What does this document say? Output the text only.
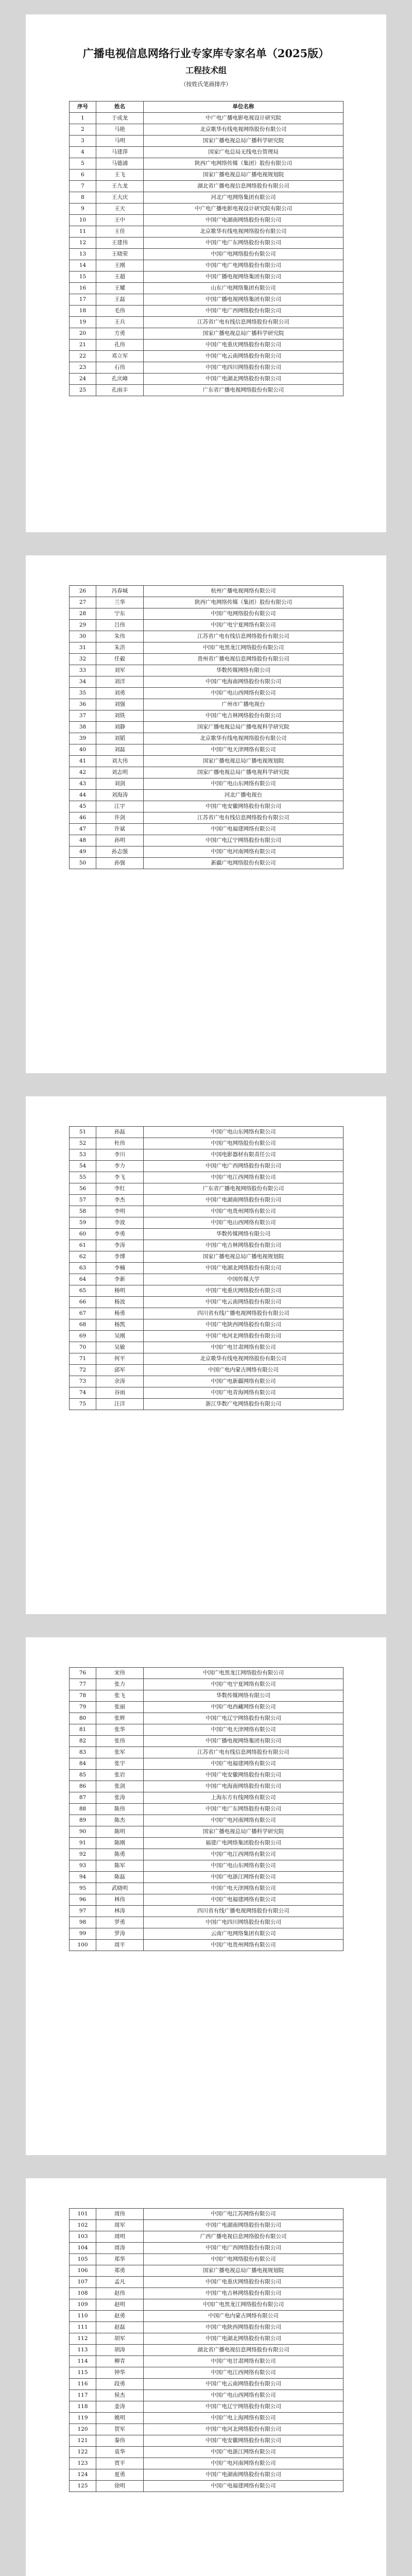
广播电视信息网络行业专家库专家名单（2025版）
工程技术组
（按姓氏笔画排序）
序号	姓名	单位名称
1	于成龙	中广电广播电影电视设计研究院
2	马艳	北京歌华有线电视网络股份有限公司
3	马明	国家广播电视总局广播科学研究院
4	马建萍	国家广电总局无线电台管理局
5	马德浦	陕西广电网络传媒（集团）股份有限公司
6	王飞	国家广播电视总局广播电视规划院
7	王九龙	湖北省广播电视信息网络股份有限公司
8	王大庆	河北广电网络集团有限公司
9	王天	中广电广播电影电视设计研究院有限公司
10	王中	中国广电湖南网络股份有限公司
11	王佳	北京歌华有线电视网络股份有限公司
12	王建伟	中国广电广东网络股份有限公司
13	王晓荣	中国广电网络股份有限公司
14	王刚	中国广电广电网络股份有限公司
15	王超	中国广播电视网络集团有限公司
16	王耀	山东广电网络集团有限公司
17	王磊	中国广播电视网络集团有限公司
18	毛伟	中国广电广西网络股份有限公司
19	王兵	江苏省广电有线信息网络股份有限公司
20	方勇	国家广播电视总局广播科学研究院
21	孔伟	中国广电重庆网络股份有限公司
22	邓立军	中国广电云南网络股份有限公司
23	石伟	中国广电四川网络股份有限公司
24	孔庆峰	中国广电湖北网络股份有限公司
25	孔雨丰	广东省广播电视网络股份有限公司
26	冯春城	杭州广播电视网络有限公司
27	兰华	陕西广电网络传媒（集团）股份有限公司
28	宁东	中国广电网络股份有限公司
29	吕伟	中国广电宁夏网络有限公司
30	朱伟	江苏省广电有线信息网络股份有限公司
31	朱洪	中国广电黑龙江网络股份有限公司
32	任毅	贵州省广播电视信息网络股份有限公司
33	刘军	华数传媒网络有限公司
34	刘洋	中国广电海南网络股份有限公司
35	刘勇	中国广电山西网络有限公司
36	刘强	广州市广播电视台
37	刘铁	中国广电吉林网络股份有限公司
38	刘静	国家广播电视总局广播电视科学研究院
39	刘韬	北京歌华有线电视网络股份有限公司
40	刘磊	中国广电天津网络有限公司
41	刘大伟	国家广播电视总局广播电视规划院
42	刘志明	国家广播电视总局广播电视科学研究院
43	刘剑	中国广电山东网络有限公司
44	刘海涛	河北广播电视台
45	江宇	中国广电安徽网络股份有限公司
46	许剑	江苏省广电有线信息网络股份有限公司
47	许斌	中国广电福建网络有限公司
48	孙明	中国广电辽宁网络股份有限公司
49	孙志强	中国广电河南网络有限公司
50	孙强	新疆广电网络股份有限公司
51	孙磊	中国广电山东网络有限公司
52	杜伟	中国广电网络股份有限公司
53	李川	中国电影器材有限责任公司
54	李力	中国广电广西网络股份有限公司
55	李飞	中国广电江西网络有限公司
56	李红	广东省广播电视网络股份有限公司
57	李杰	中国广电湖南网络股份有限公司
58	李明	中国广电贵州网络有限公司
59	李波	中国广电山西网络有限公司
60	李勇	华数传媒网络有限公司
61	李涛	中国广电吉林网络股份有限公司
62	李博	国家广播电视总局广播电视规划院
63	李楠	中国广电湖北网络股份有限公司
64	李新	中国传媒大学
65	杨明	中国广电重庆网络股份有限公司
66	杨波	中国广电云南网络股份有限公司
67	杨勇	四川省有线广播电视网络股份有限公司
68	杨凯	中国广电陕西网络股份有限公司
69	吴刚	中国广电河北网络股份有限公司
70	吴敏	中国广电甘肃网络有限公司
71	何平	北京歌华有线电视网络股份有限公司
72	邱军	中国广电内蒙古网络有限公司
73	余涛	中国广电新疆网络有限公司
74	谷雨	中国广电青海网络有限公司
75	汪洋	浙江华数广电网络股份有限公司
76	宋伟	中国广电黑龙江网络股份有限公司
77	张力	中国广电宁夏网络有限公司
78	张飞	华数传媒网络有限公司
79	张丽	中国广电西藏网络有限公司
80	张辉	中国广电辽宁网络股份有限公司
81	张华	中国广电天津网络有限公司
82	张伟	中国广播电视网络集团有限公司
83	张军	江苏省广电有线信息网络股份有限公司
84	张宇	中国广电福建网络有限公司
85	张岩	中国广电安徽网络股份有限公司
86	张剑	中国广电海南网络股份有限公司
87	张涛	上海东方有线网络有限公司
88	陈伟	中国广电广东网络股份有限公司
89	陈杰	中国广电河南网络有限公司
90	陈明	国家广播电视总局广播科学研究院
91	陈刚	福建广电网络集团股份有限公司
92	陈勇	中国广电江西网络有限公司
93	陈军	中国广电山东网络有限公司
94	陈磊	中国广电浙江网络有限公司
95	武晓明	中国广电天津网络有限公司
96	林伟	中国广电福建网络有限公司
97	林涛	四川省有线广播电视网络股份有限公司
98	罗勇	中国广电四川网络股份有限公司
99	罗涛	云南广电网络集团有限公司
100	周平	中国广电贵州网络有限公司
101	周伟	中国广电江苏网络有限公司
102	周军	中国广电湖南网络股份有限公司
103	周明	广西广播电视信息网络股份有限公司
104	周涛	中国广电广西网络股份有限公司
105	郑华	中国广电网络股份有限公司
106	郑勇	国家广播电视总局广播电视规划院
107	孟凡	中国广电重庆网络股份有限公司
108	赵伟	中国广电吉林网络股份有限公司
109	赵明	中国广电黑龙江网络股份有限公司
110	赵勇	中国广电内蒙古网络有限公司
111	赵磊	中国广电陕西网络股份有限公司
112	胡军	中国广电湖北网络股份有限公司
113	胡涛	湖北省广播电视信息网络股份有限公司
114	柳青	中国广电甘肃网络有限公司
115	钟华	中国广电江西网络有限公司
116	段勇	中国广电云南网络股份有限公司
117	侯杰	中国广电山西网络有限公司
118	姜涛	中国广电辽宁网络股份有限公司
119	姚明	中国广电上海网络有限公司
120	贺军	中国广电河北网络股份有限公司
121	秦伟	中国广电安徽网络股份有限公司
122	袁华	中国广电浙江网络有限公司
123	贾平	中国广电河南网络有限公司
124	夏勇	中国广电湖南网络股份有限公司
125	徐明	中国广电福建网络有限公司
